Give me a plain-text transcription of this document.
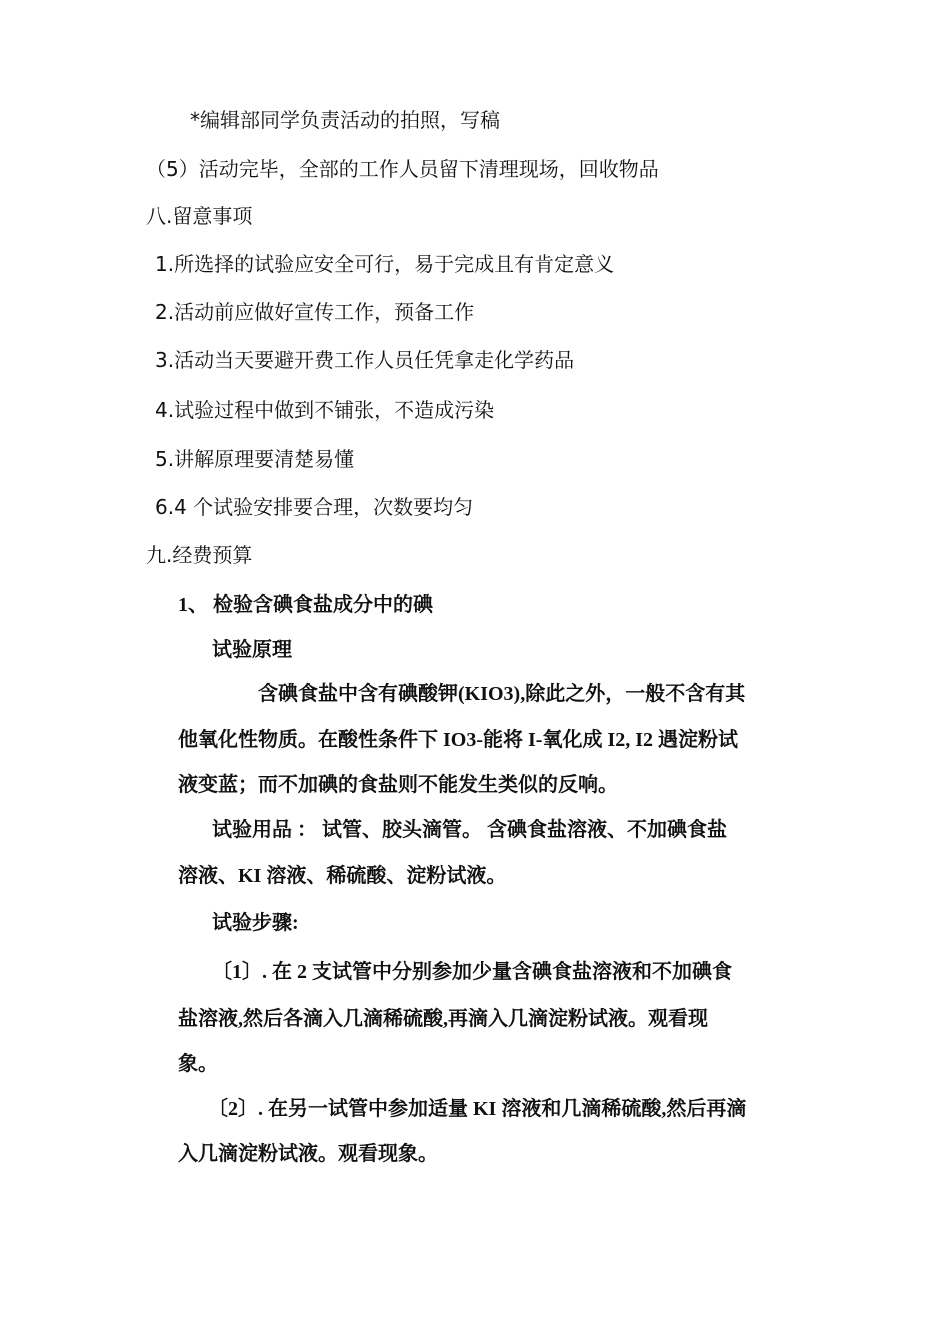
*编辑部同学负责活动的拍照，写稿
（5）活动完毕，全部的工作人员留下清理现场，回收物品
八.留意事项
1.所选择的试验应安全可行，易于完成且有肯定意义
2.活动前应做好宣传工作，预备工作
3.活动当天要避开费工作人员任凭拿走化学药品
4.试验过程中做到不铺张，不造成污染
5.讲解原理要清楚易懂
6.4 个试验安排要合理，次数要均匀
九.经费预算
1、 检验含碘食盐成分中的碘
试验原理
含碘食盐中含有碘酸钾(KIO3),除此之外，一般不含有其
他氧化性物质。在酸性条件下 IO3-能将 I-氧化成 I2, I2 遇淀粉试
液变蓝；而不加碘的食盐则不能发生类似的反响。
试验用品 ： 试管、胶头滴管。 含碘食盐溶液、不加碘食盐
溶液、KI 溶液、稀硫酸、淀粉试液。
试验步骤:
〔1〕. 在 2 支试管中分别参加少量含碘食盐溶液和不加碘食
盐溶液,然后各滴入几滴稀硫酸,再滴入几滴淀粉试液。观看现
象。
〔2〕. 在另一试管中参加适量 KI 溶液和几滴稀硫酸,然后再滴
入几滴淀粉试液。观看现象。
